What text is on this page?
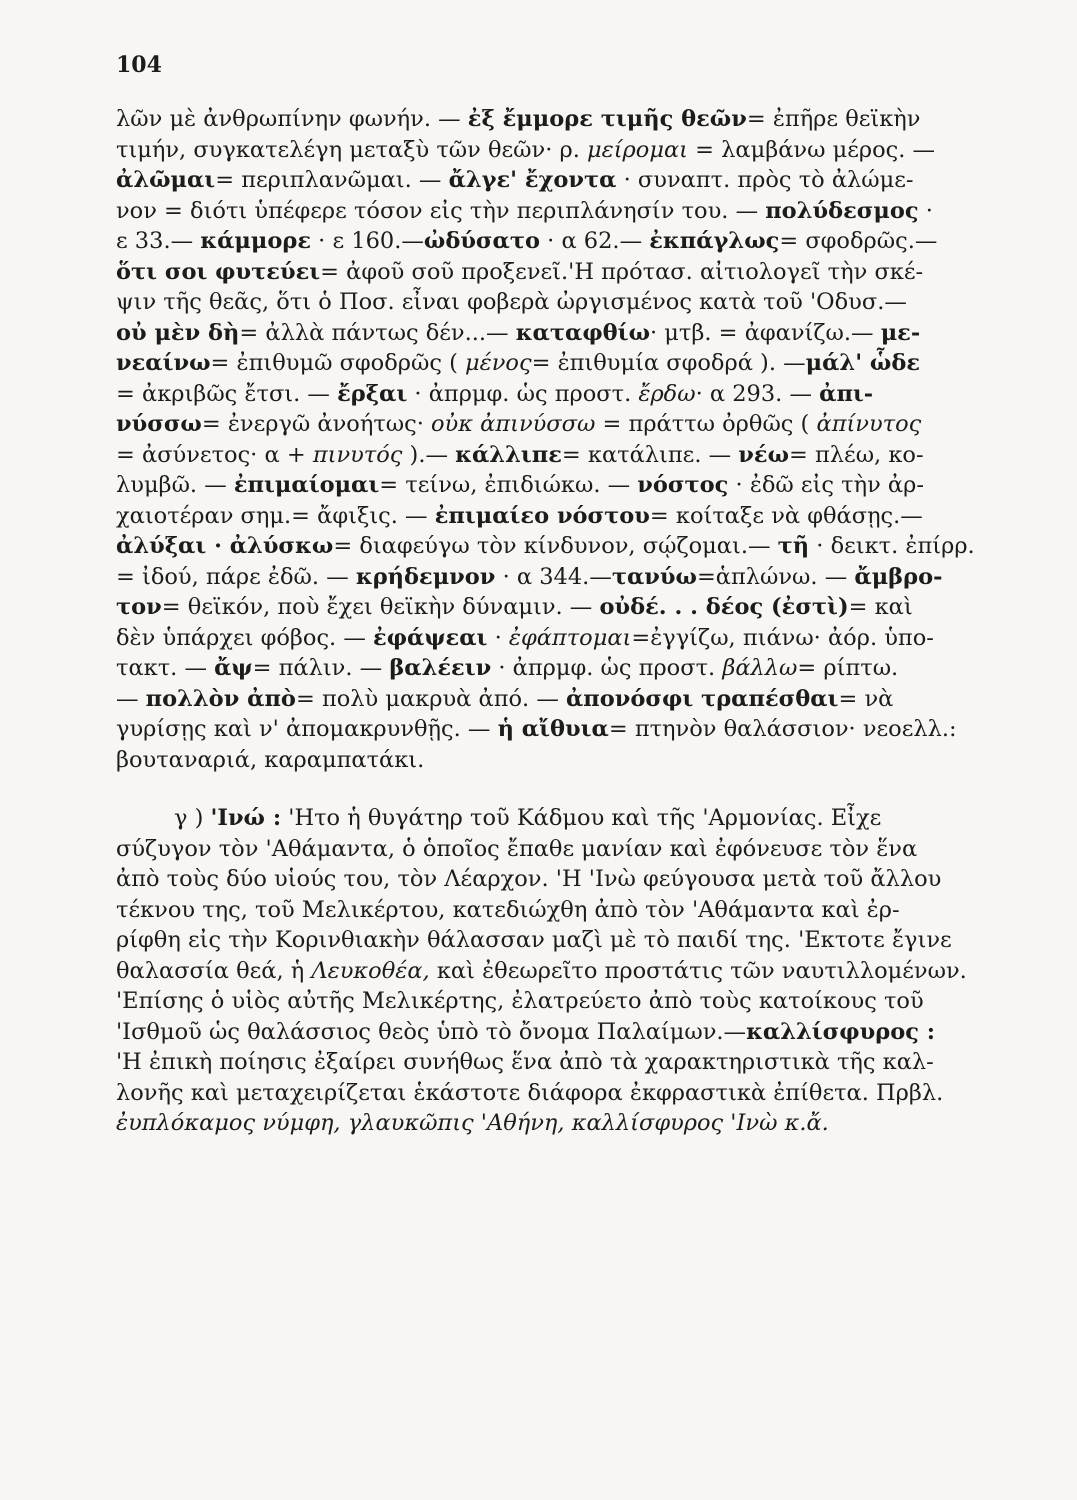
104
λῶν μὲ ἀνθρωπίνην φωνήν. — ἐξ ἔμμορε τιμῆς θεῶν= ἐπῆρε θεϊκὴν
τιμήν, συγκατελέγη μεταξὺ τῶν θεῶν· ρ. μείρομαι = λαμβάνω μέρος. —
ἀλῶμαι= περιπλανῶμαι. — ἄλγε' ἔχοντα · συναπτ. πρὸς τὸ ἀλώμε-
νον = διότι ὑπέφερε τόσον εἰς τὴν περιπλάνησίν του. — πολύδεσμος ·
ε 33.— κάμμορε · ε 160.—ὠδύσατο · α 62.— ἐκπάγλως= σφοδρῶς.—
ὅτι σοι φυτεύει= ἀφοῦ σοῦ προξενεῖ.'Η πρότασ. αἰτιολογεῖ τὴν σκέ-
ψιν τῆς θεᾶς, ὅτι ὁ Ποσ. εἶναι φοβερὰ ὠργισμένος κατὰ τοῦ 'Οδυσ.—
οὐ μὲν δὴ= ἀλλὰ πάντως δέν...— καταφθίω· μτβ. = ἀφανίζω.— με-
νεαίνω= ἐπιθυμῶ σφοδρῶς ( μένος= ἐπιθυμία σφοδρά ). —μάλ' ὧδε
= ἀκριβῶς ἔτσι. — ἔρξαι · ἀπρμφ. ὡς προστ. ἔρδω· α 293. — ἀπι-
νύσσω= ἐνεργῶ ἀνοήτως· οὐκ ἀπινύσσω = πράττω ὀρθῶς ( ἀπίνυτος
= ἀσύνετος· α + πινυτός ).— κάλλιπε= κατάλιπε. — νέω= πλέω, κο-
λυμβῶ. — ἐπιμαίομαι= τείνω, ἐπιδιώκω. — νόστος · ἐδῶ εἰς τὴν ἀρ-
χαιοτέραν σημ.= ἄφιξις. — ἐπιμαίεο νόστου= κοίταξε νὰ φθάσῃς.—
ἀλύξαι · ἀλύσκω= διαφεύγω τὸν κίνδυνον, σῴζομαι.— τῆ · δεικτ. ἐπίρρ.
= ἰδού, πάρε ἐδῶ. — κρήδεμνον · α 344.—τανύω=ἁπλώνω. — ἄμβρο-
τον= θεϊκόν, ποὺ ἔχει θεϊκὴν δύναμιν. — οὐδέ. . . δέος (ἐστὶ)= καὶ
δὲν ὑπάρχει φόβος. — ἐφάψεαι · ἐφάπτομαι=ἐγγίζω, πιάνω· ἀόρ. ὑπο-
τακτ. — ἄψ= πάλιν. — βαλέειν · ἀπρμφ. ὡς προστ. βάλλω= ρίπτω.
— πολλὸν ἀπὸ= πολὺ μακρυὰ ἀπό. — ἀπονόσφι τραπέσθαι= νὰ
γυρίσῃς καὶ ν' ἀπομακρυνθῇς. — ἡ αἴθυια= πτηνὸν θαλάσσιον· νεοελλ.:
βουταναριά, καραμπατάκι.
γ ) 'Ινώ : 'Ητο ἡ θυγάτηρ τοῦ Κάδμου καὶ τῆς 'Αρμονίας. Εἶχε
σύζυγον τὸν 'Αθάμαντα, ὁ ὁποῖος ἔπαθε μανίαν καὶ ἐφόνευσε τὸν ἕνα
ἀπὸ τοὺς δύο υἱούς του, τὸν Λέαρχον. 'Η 'Ινὼ φεύγουσα μετὰ τοῦ ἄλλου
τέκνου της, τοῦ Μελικέρτου, κατεδιώχθη ἀπὸ τὸν 'Αθάμαντα καὶ ἐρ-
ρίφθη εἰς τὴν Κορινθιακὴν θάλασσαν μαζὶ μὲ τὸ παιδί της. 'Εκτοτε ἔγινε
θαλασσία θεά, ἡ Λευκοθέα, καὶ ἐθεωρεῖτο προστάτις τῶν ναυτιλλομένων.
'Επίσης ὁ υἱὸς αὐτῆς Μελικέρτης, ἐλατρεύετο ἀπὸ τοὺς κατοίκους τοῦ
'Ισθμοῦ ὡς θαλάσσιος θεὸς ὑπὸ τὸ ὄνομα Παλαίμων.—καλλίσφυρος :
'Η ἐπικὴ ποίησις ἐξαίρει συνήθως ἕνα ἀπὸ τὰ χαρακτηριστικὰ τῆς καλ-
λονῆς καὶ μεταχειρίζεται ἑκάστοτε διάφορα ἐκφραστικὰ ἐπίθετα. Πρβλ.
ἐυπλόκαμος νύμφη, γλαυκῶπις 'Αθήνη, καλλίσφυρος 'Ινὼ κ.ἄ.
